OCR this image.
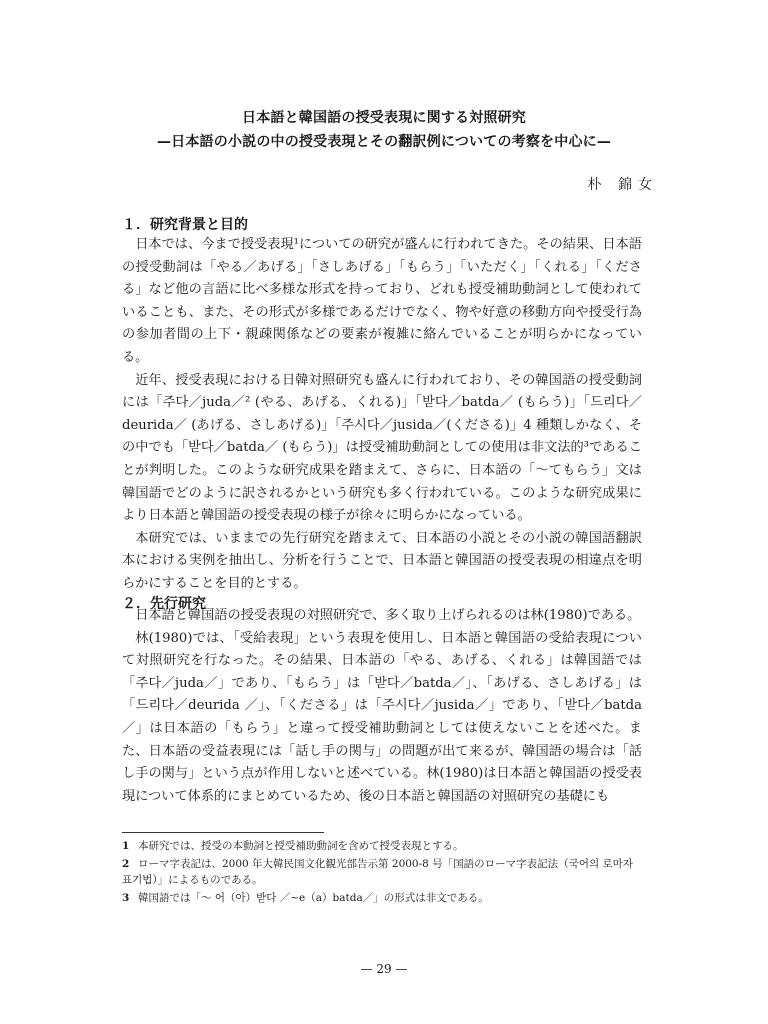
日本語と韓国語の授受表現に関する対照研究
—日本語の小説の中の授受表現とその翻訳例についての考察を中心に—
朴 錦女
１．研究背景と目的

日本では、今まで授受表現¹についての研究が盛んに行われてきた。その結果、日本語の授受動詞は「やる／あげる」「さしあげる」「もらう」「いただく」「くれる」「くださる」など他の言語に比べ多様な形式を持っており、どれも授受補助動詞として使われていることも、また、その形式が多様であるだけでなく、物や好意の移動方向や授受行為の参加者間の上下・親疎関係などの要素が複雑に絡んでいることが明らかになっている。

近年、授受表現における日韓対照研究も盛んに行われており、その韓国語の授受動詞には「주다／juda／² (やる、あげる、くれる)」「받다／batda／ (もらう)」「드리다／deurida／ (あげる、さしあげる)」「주시다／jusida／(くださる)」4 種類しかなく、その中でも「받다／batda／ (もらう)」は授受補助動詞としての使用は非文法的³であることが判明した。このような研究成果を踏まえて、さらに、日本語の「～てもらう」文は韓国語でどのように訳されるかという研究も多く行われている。このような研究成果により日本語と韓国語の授受表現の様子が徐々に明らかになっている。

本研究では、いままでの先行研究を踏まえて、日本語の小説とその小説の韓国語翻訳本における実例を抽出し、分析を行うことで、日本語と韓国語の授受表現の相違点を明らかにすることを目的とする。

２．先行研究

日本語と韓国語の授受表現の対照研究で、多く取り上げられるのは林(1980)である。

林(1980)では、「受給表現」という表現を使用し、日本語と韓国語の受給表現について対照研究を行なった。その結果、日本語の「やる、あげる、くれる」は韓国語では「주다／juda／」であり、「もらう」は「받다／batda／」、「あげる、さしあげる」は「드리다／deurida ／」、「くださる」は「주시다／jusida／」であり、「받다／batda／」は日本語の「もらう」と違って授受補助動詞としては使えないことを述べた。また、日本語の受益表現には「話し手の関与」の問題が出て来るが、韓国語の場合は「話し手の関与」という点が作用しないと述べている。林(1980)は日本語と韓国語の授受表現について体系的にまとめているため、後の日本語と韓国語の対照研究の基礎にも

1 本研究では、授受の本動詞と授受補助動詞を含めて授受表現とする。
2 ローマ字表記は、2000 年大韓民国文化観光部告示第 2000-8 号「国語のローマ字表記法（국어의 로마자 표기법）」によるものである。
3 韓国語では「～ 어（아）받다 ／~e（a）batda／」の形式は非文である。
— 29 —
